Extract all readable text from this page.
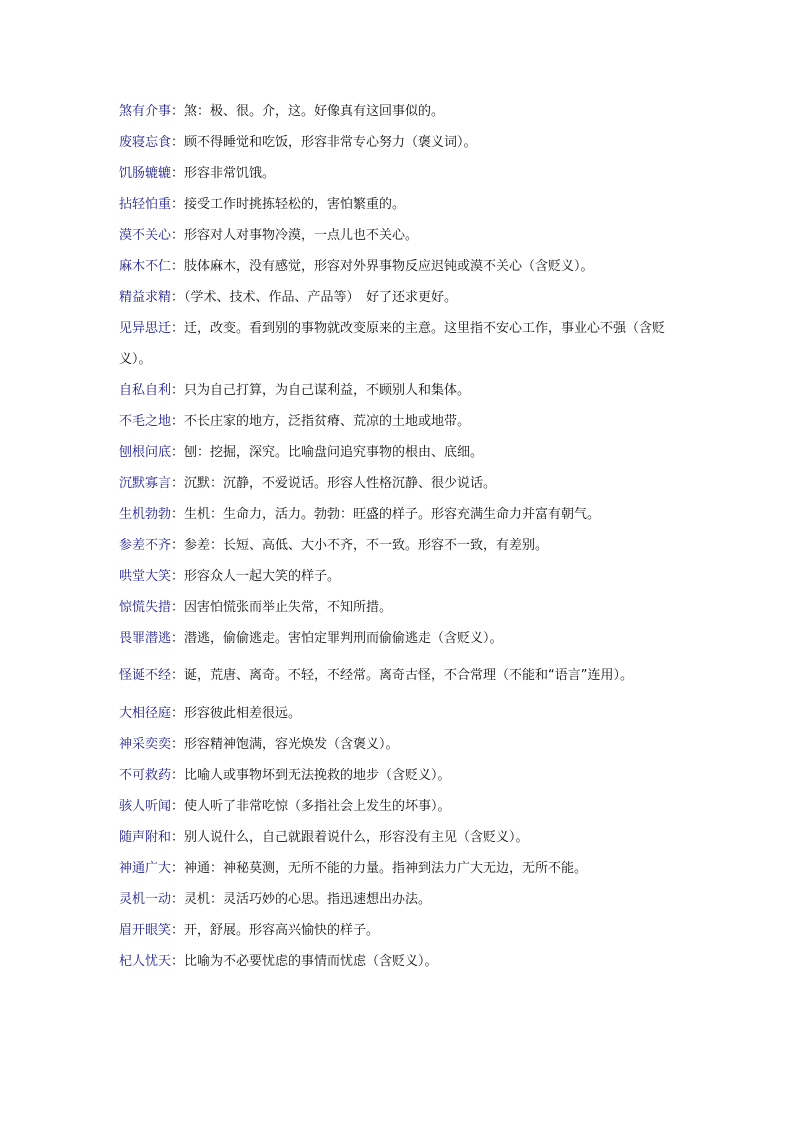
煞有介事：煞：极、很。介，这。好像真有这回事似的。
废寝忘食：顾不得睡觉和吃饭，形容非常专心努力（褒义词）。
饥肠辘辘：形容非常饥饿。
拈轻怕重：接受工作时挑拣轻松的，害怕繁重的。
漠不关心：形容对人对事物冷漠，一点儿也不关心。
麻木不仁：肢体麻木，没有感觉，形容对外界事物反应迟钝或漠不关心（含贬义）。
精益求精：（学术、技术、作品、产品等）　好了还求更好。
见异思迁：迁，改变。看到别的事物就改变原来的主意。这里指不安心工作，事业心不强（含贬义）。
自私自利：只为自己打算，为自己谋利益，不顾别人和集体。
不毛之地：不长庄家的地方，泛指贫瘠、荒凉的土地或地带。
刨根问底：刨：挖掘，深究。比喻盘问追究事物的根由、底细。
沉默寡言：沉默：沉静，不爱说话。形容人性格沉静、很少说话。
生机勃勃：生机：生命力，活力。勃勃：旺盛的样子。形容充满生命力并富有朝气。
参差不齐：参差：长短、高低、大小不齐，不一致。形容不一致，有差别。
哄堂大笑：形容众人一起大笑的样子。
惊慌失措：因害怕慌张而举止失常，不知所措。
畏罪潜逃：潜逃，偷偷逃走。害怕定罪判刑而偷偷逃走（含贬义）。
怪诞不经：诞，荒唐、离奇。不轻，不经常。离奇古怪，不合常理（不能和“语言”连用）。
大相径庭：形容彼此相差很远。
神采奕奕：形容精神饱满，容光焕发（含褒义）。
不可救药：比喻人或事物坏到无法挽救的地步（含贬义）。
骇人听闻：使人听了非常吃惊（多指社会上发生的坏事）。
随声附和：别人说什么，自己就跟着说什么，形容没有主见（含贬义）。
神通广大：神通：神秘莫测，无所不能的力量。指神到法力广大无边，无所不能。
灵机一动：灵机：灵活巧妙的心思。指迅速想出办法。
眉开眼笑：开，舒展。形容高兴愉快的样子。
杞人忧天：比喻为不必要忧虑的事情而忧虑（含贬义）。
